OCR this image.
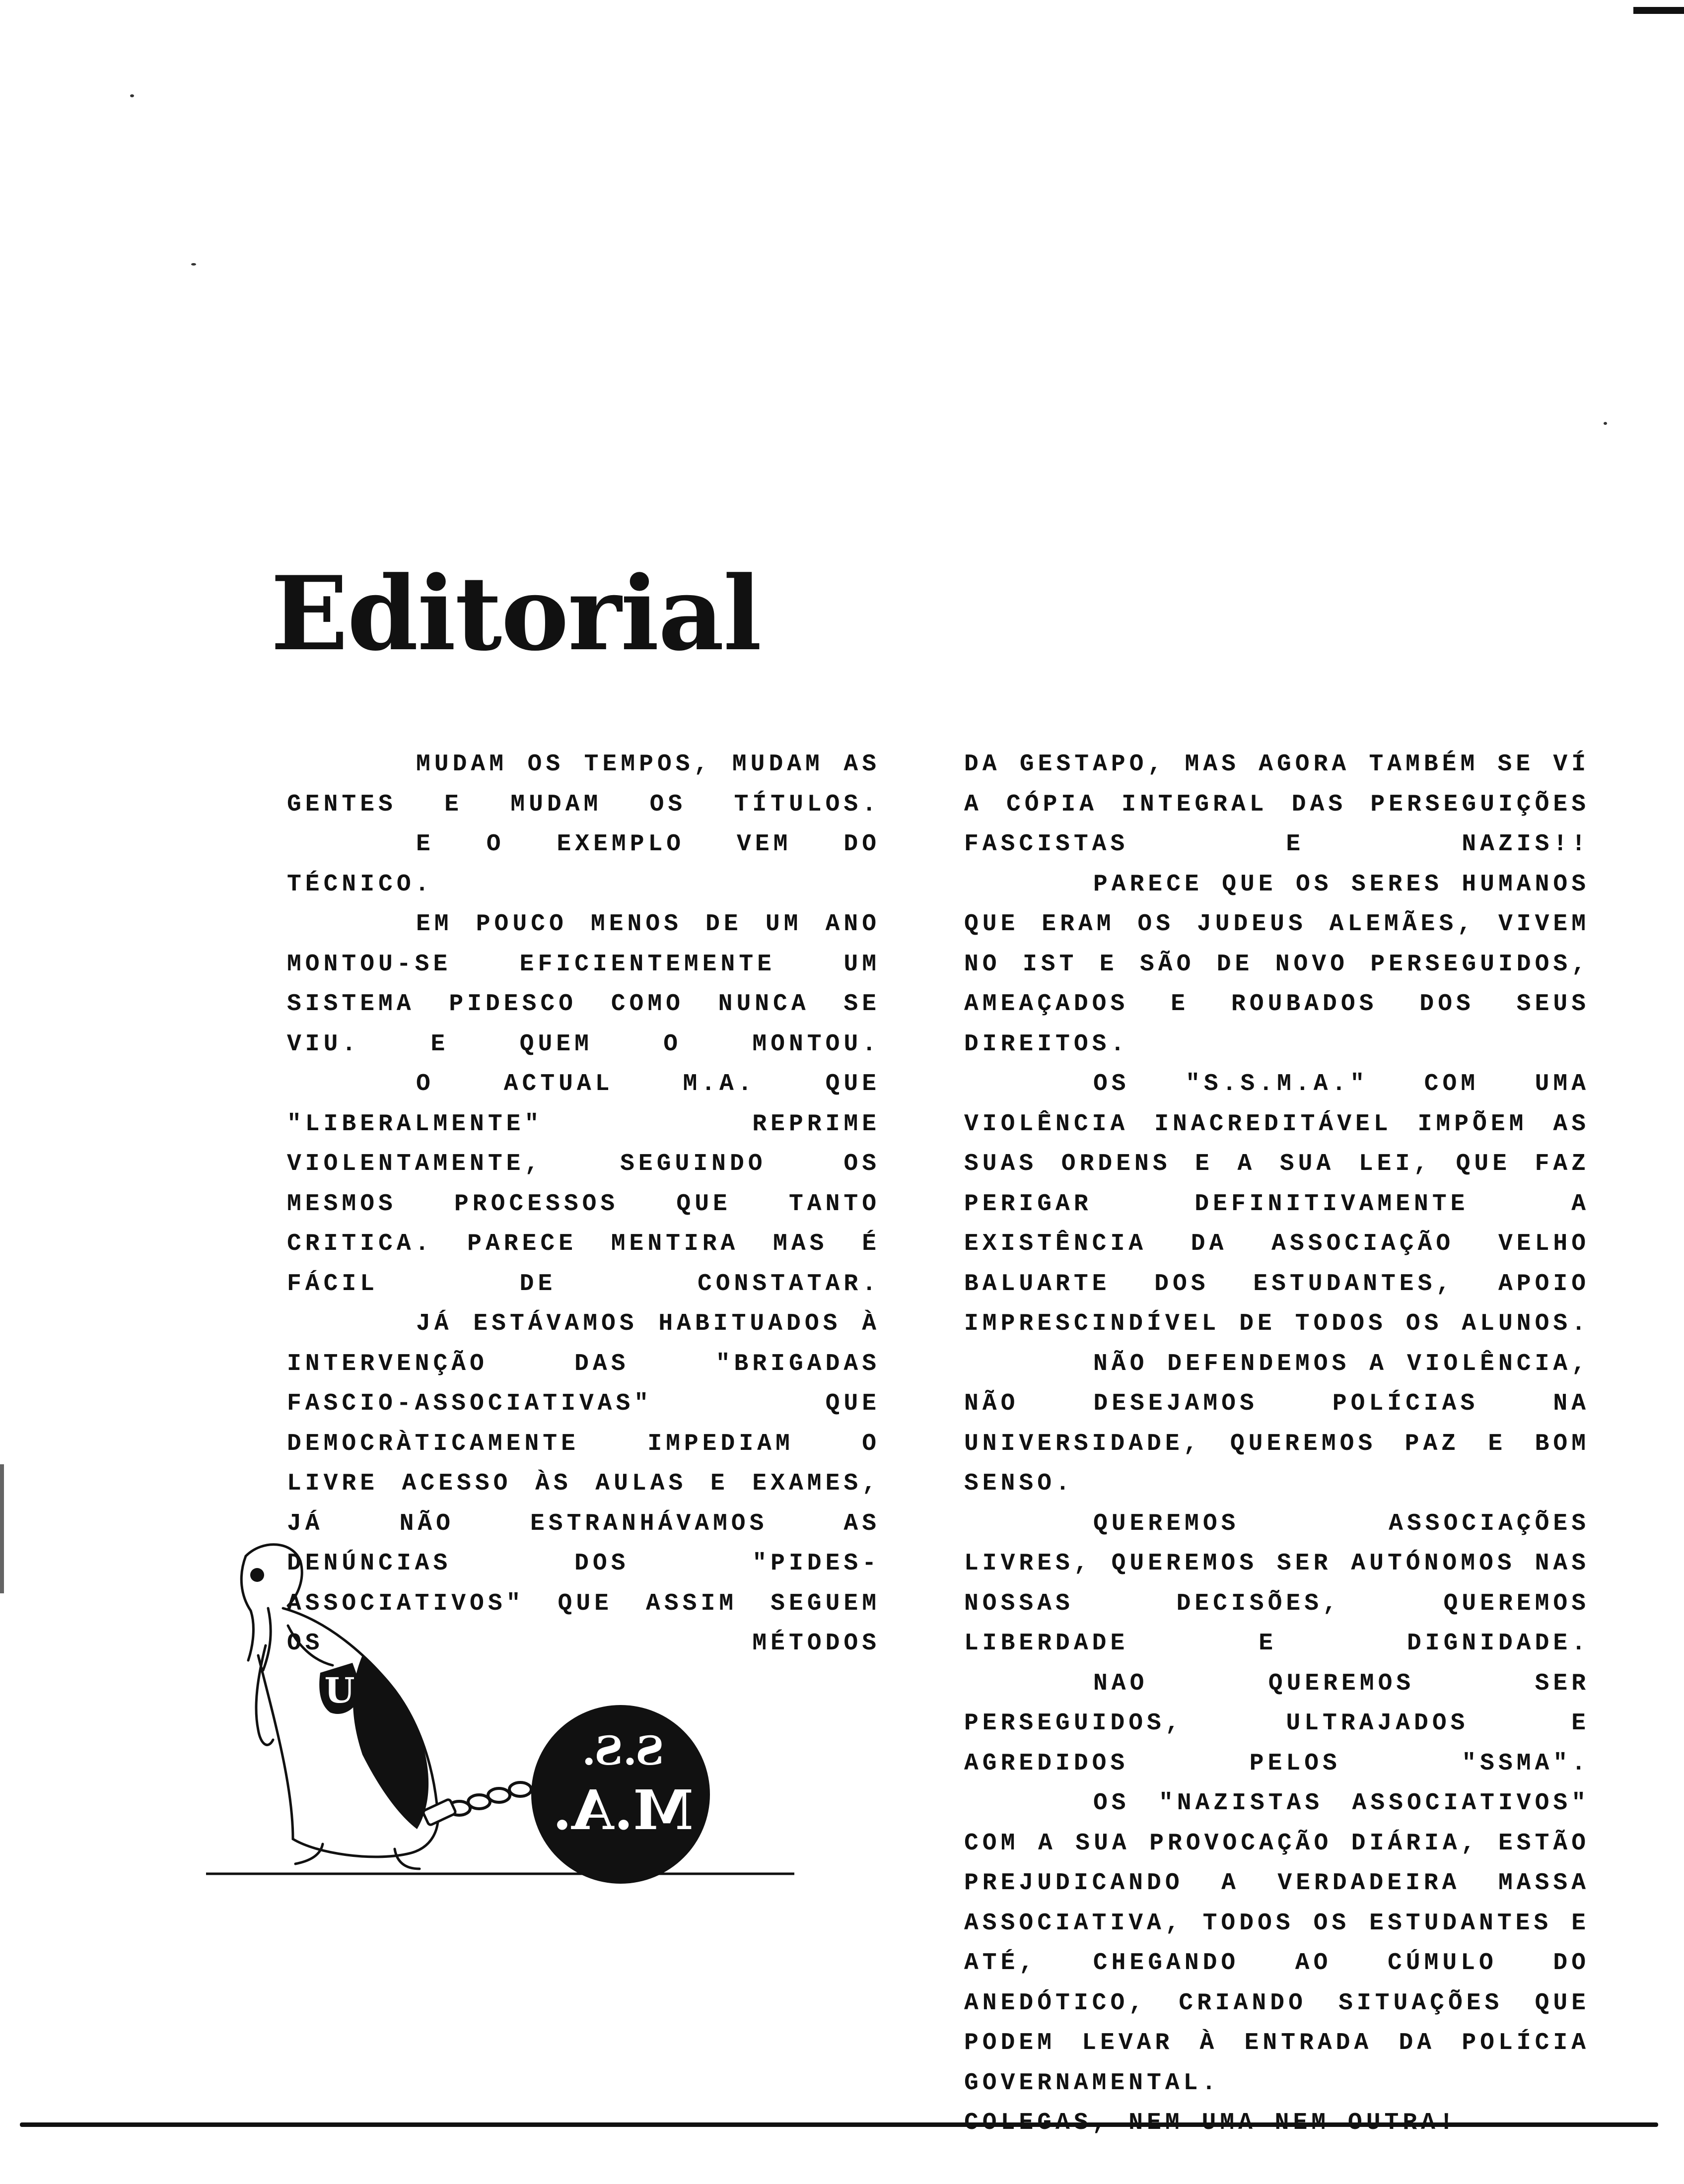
Editorial

MUDAM OS TEMPOS, MUDAM AS GENTES E MUDAM OS TÍTULOS.

E O EXEMPLO VEM DO TÉCNICO.

EM POUCO MENOS DE UM ANO MONTOU-SE EFICIENTEMENTE UM SISTEMA PIDESCO COMO NUNCA SE VIU. E QUEM O MONTOU.

O ACTUAL M.A. QUE "LIBERALMENTE" REPRIME VIOLENTAMENTE, SEGUINDO OS MESMOS PROCESSOS QUE TANTO CRITICA. PARECE MENTIRA MAS É FÁCIL DE CONSTATAR.

JÁ ESTÁVAMOS HABITUADOS À INTERVENÇÃO DAS "BRIGADAS FASCIO-ASSOCIATIVAS" QUE DEMOCRÀTICAMENTE IMPEDIAM O LIVRE ACESSO ÀS AULAS E EXAMES, JÁ NÃO ESTRANHÁVAMOS AS DENÚNCIAS DOS "PIDES-ASSOCIATIVOS" QUE ASSIM SEGUEM OS MÉTODOS

DA GESTAPO, MAS AGORA TAMBÉM SE VÍ A CÓPIA INTEGRAL DAS PERSEGUIÇÕES FASCISTAS E NAZIS!!

PARECE QUE OS SERES HUMANOS QUE ERAM OS JUDEUS ALEMÃES, VIVEM NO IST E SÃO DE NOVO PERSEGUIDOS, AMEAÇADOS E ROUBADOS DOS SEUS DIREITOS.

OS "S.S.M.A." COM UMA VIOLÊNCIA INACREDITÁVEL IMPÕEM AS SUAS ORDENS E A SUA LEI, QUE FAZ PERIGAR DEFINITIVAMENTE A EXISTÊNCIA DA ASSOCIAÇÃO VELHO BALUARTE DOS ESTUDANTES, APOIO IMPRESCINDÍVEL DE TODOS OS ALUNOS.

NÃO DEFENDEMOS A VIOLÊNCIA, NÃO DESEJAMOS POLÍCIAS NA UNIVERSIDADE, QUEREMOS PAZ E BOM SENSO.

QUEREMOS ASSOCIAÇÕES LIVRES, QUEREMOS SER AUTÓNOMOS NAS NOSSAS DECISÕES, QUEREMOS LIBERDADE E DIGNIDADE.

NAO QUEREMOS SER PERSEGUIDOS, ULTRAJADOS E AGREDIDOS PELOS "SSMA".

OS "NAZISTAS ASSOCIATIVOS" COM A SUA PROVOCAÇÃO DIÁRIA, ESTÃO PREJUDICANDO A VERDADEIRA MASSA ASSOCIATIVA, TODOS OS ESTUDANTES E ATÉ, CHEGANDO AO CÚMULO DO ANEDÓTICO, CRIANDO SITUAÇÕES QUE PODEM LEVAR À ENTRADA DA POLÍCIA GOVERNAMENTAL.

U
S.S.
M.A.
